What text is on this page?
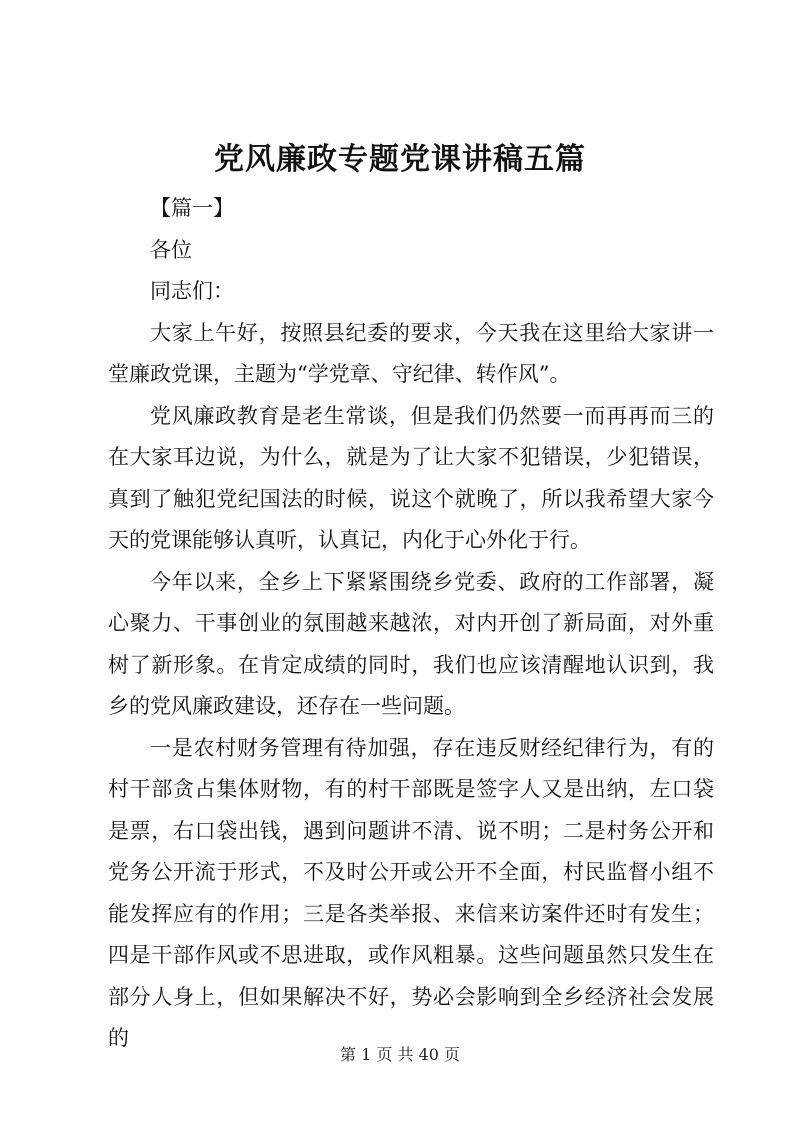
党风廉政专题党课讲稿五篇

【篇一】

各位

同志们：

大家上午好，按照县纪委的要求，今天我在这里给大家讲一堂廉政党课，主题为“学党章、守纪律、转作风”。

党风廉政教育是老生常谈，但是我们仍然要一而再再而三的在大家耳边说，为什么，就是为了让大家不犯错误，少犯错误，真到了触犯党纪国法的时候，说这个就晚了，所以我希望大家今天的党课能够认真听，认真记，内化于心外化于行。

今年以来，全乡上下紧紧围绕乡党委、政府的工作部署，凝心聚力、干事创业的氛围越来越浓，对内开创了新局面，对外重树了新形象。在肯定成绩的同时，我们也应该清醒地认识到，我乡的党风廉政建设，还存在一些问题。

一是农村财务管理有待加强，存在违反财经纪律行为，有的村干部贪占集体财物，有的村干部既是签字人又是出纳，左口袋是票，右口袋出钱，遇到问题讲不清、说不明；二是村务公开和党务公开流于形式，不及时公开或公开不全面，村民监督小组不能发挥应有的作用；三是各类举报、来信来访案件还时有发生；四是干部作风或不思进取，或作风粗暴。这些问题虽然只发生在部分人身上，但如果解决不好，势必会影响到全乡经济社会发展的

第 1 页 共 40 页
